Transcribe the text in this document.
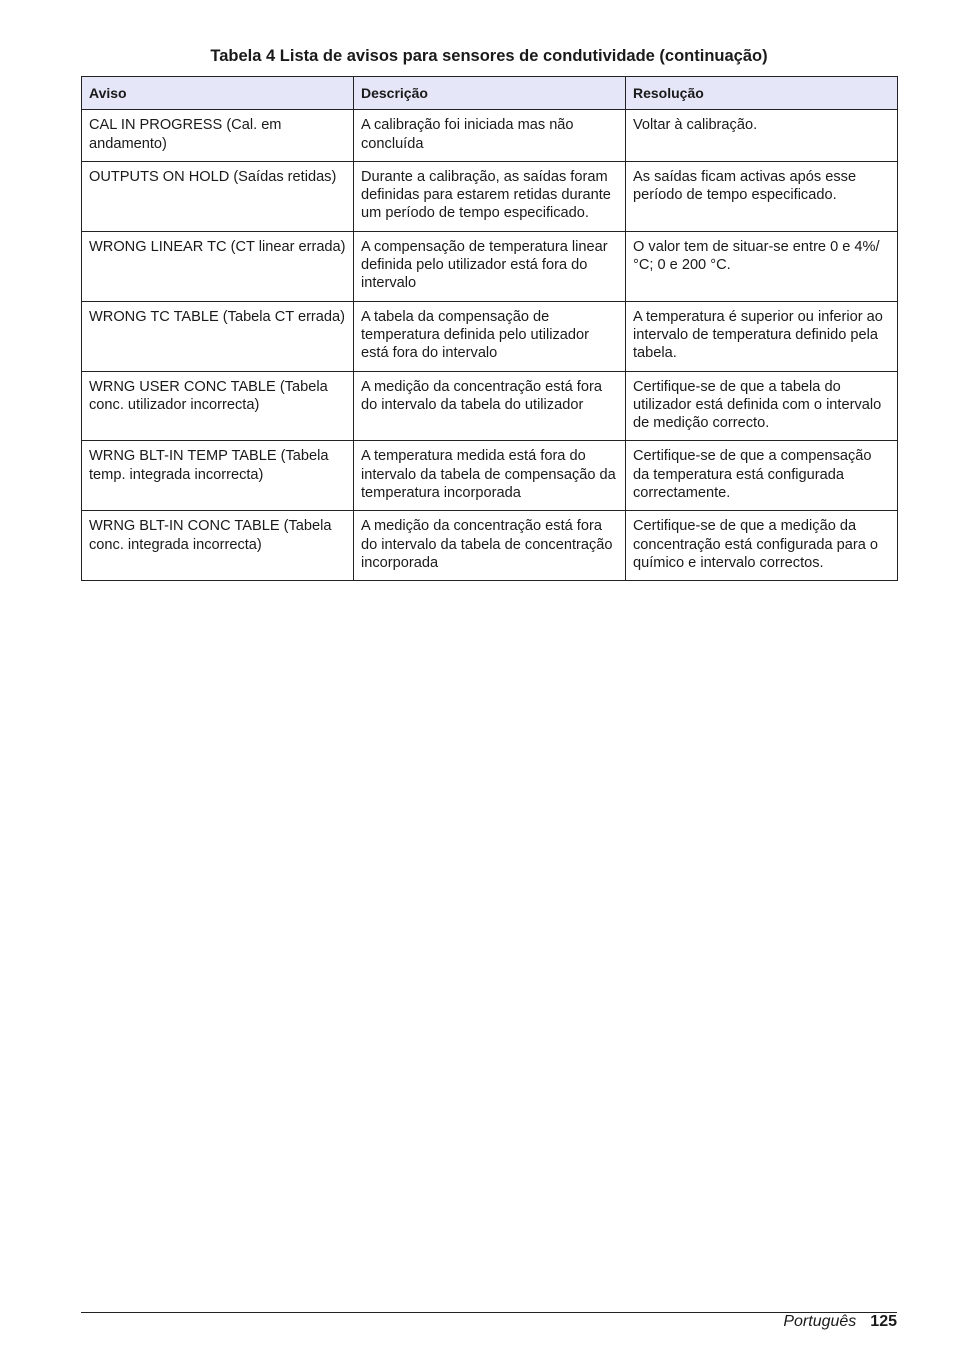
Tabela 4 Lista de avisos para sensores de condutividade (continuação)
Aviso	Descrição	Resolução
CAL IN PROGRESS (Cal. em andamento)	A calibração foi iniciada mas não concluída	Voltar à calibração.
OUTPUTS ON HOLD (Saídas retidas)	Durante a calibração, as saídas foram definidas para estarem retidas durante um período de tempo especificado.	As saídas ficam activas após esse período de tempo especificado.
WRONG LINEAR TC (CT linear errada)	A compensação de temperatura linear definida pelo utilizador está fora do intervalo	O valor tem de situar-se entre 0 e 4%/°C; 0 e 200 °C.
WRONG TC TABLE (Tabela CT errada)	A tabela da compensação de temperatura definida pelo utilizador está fora do intervalo	A temperatura é superior ou inferior ao intervalo de temperatura definido pela tabela.
WRNG USER CONC TABLE (Tabela conc. utilizador incorrecta)	A medição da concentração está fora do intervalo da tabela do utilizador	Certifique-se de que a tabela do utilizador está definida com o intervalo de medição correcto.
WRNG BLT-IN TEMP TABLE (Tabela temp. integrada incorrecta)	A temperatura medida está fora do intervalo da tabela de compensação da temperatura incorporada	Certifique-se de que a compensação da temperatura está configurada correctamente.
WRNG BLT-IN CONC TABLE (Tabela conc. integrada incorrecta)	A medição da concentração está fora do intervalo da tabela de concentração incorporada	Certifique-se de que a medição da concentração está configurada para o químico e intervalo correctos.
Português 125
